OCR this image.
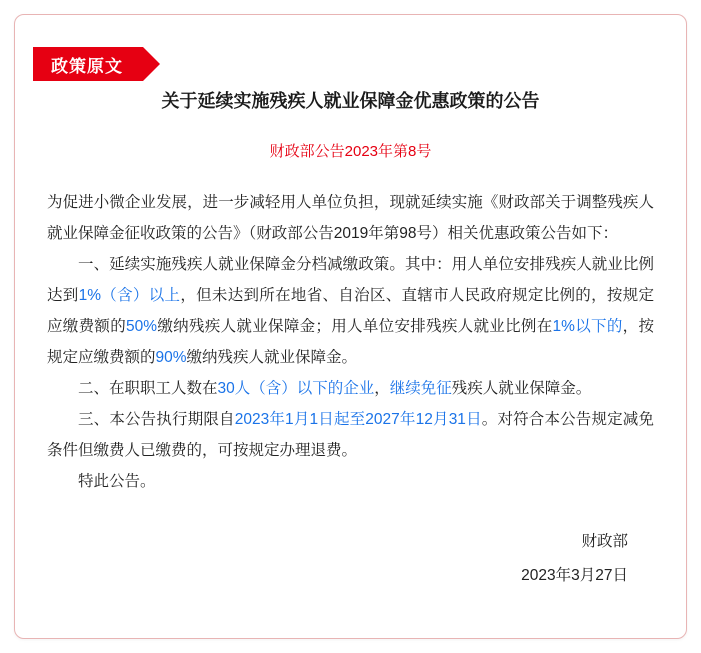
政策原文
关于延续实施残疾人就业保障金优惠政策的公告
财政部公告2023年第8号

为促进小微企业发展，进一步减轻用人单位负担，现就延续实施《财政部关于调整残疾人就业保障金征收政策的公告》（财政部公告2019年第98号）相关优惠政策公告如下：

一、延续实施残疾人就业保障金分档减缴政策。其中：用人单位安排残疾人就业比例达到1%（含）以上，但未达到所在地省、自治区、直辖市人民政府规定比例的，按规定应缴费额的50%缴纳残疾人就业保障金；用人单位安排残疾人就业比例在1%以下的，按规定应缴费额的90%缴纳残疾人就业保障金。

二、在职职工人数在30人（含）以下的企业，继续免征残疾人就业保障金。

三、本公告执行期限自2023年1月1日起至2027年12月31日。对符合本公告规定减免条件但缴费人已缴费的，可按规定办理退费。

特此公告。

财政部
2023年3月27日
